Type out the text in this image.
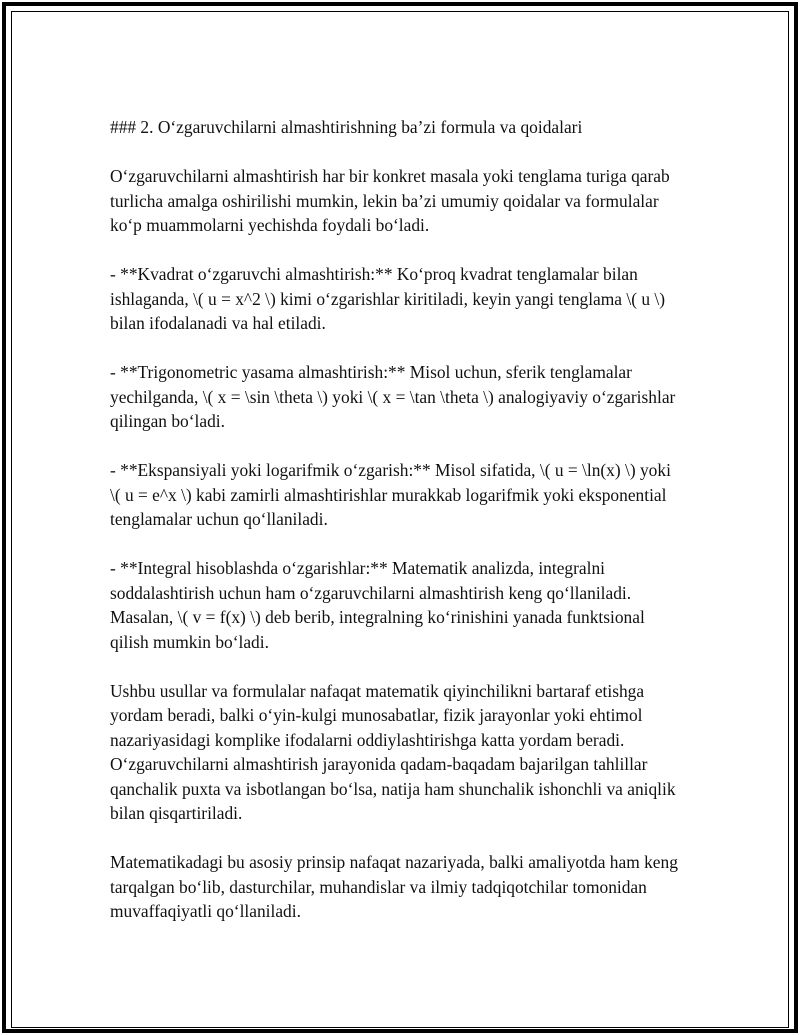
### 2. O‘zgaruvchilarni almashtirishning ba’zi formula va qoidalari

O‘zgaruvchilarni almashtirish har bir konkret masala yoki tenglama turiga qarab turlicha amalga oshirilishi mumkin, lekin ba’zi umumiy qoidalar va formulalar ko‘p muammolarni yechishda foydali bo‘ladi.

- **Kvadrat o‘zgaruvchi almashtirish:** Ko‘proq kvadrat tenglamalar bilan ishlaganda, \( u = x^2 \) kimi o‘zgarishlar kiritiladi, keyin yangi tenglama \( u \) bilan ifodalanadi va hal etiladi.

- **Trigonometric yasama almashtirish:** Misol uchun, sferik tenglamalar yechilganda, \( x = \sin \theta \) yoki \( x = \tan \theta \) analogiyaviy o‘zgarishlar qilingan bo‘ladi.

- **Ekspansiyali yoki logarifmik o‘zgarish:** Misol sifatida, \( u = \ln(x) \) yoki \( u = e^x \) kabi zamirli almashtirishlar murakkab logarifmik yoki eksponential tenglamalar uchun qo‘llaniladi.

- **Integral hisoblashda o‘zgarishlar:** Matematik analizda, integralni soddalashtirish uchun ham o‘zgaruvchilarni almashtirish keng qo‘llaniladi. Masalan, \( v = f(x) \) deb berib, integralning ko‘rinishini yanada funktsional qilish mumkin bo‘ladi.

Ushbu usullar va formulalar nafaqat matematik qiyinchilikni bartaraf etishga yordam beradi, balki o‘yin-kulgi munosabatlar, fizik jarayonlar yoki ehtimol nazariyasidagi komplike ifodalarni oddiylashtirishga katta yordam beradi. O‘zgaruvchilarni almashtirish jarayonida qadam-baqadam bajarilgan tahlillar qanchalik puxta va isbotlangan bo‘lsa, natija ham shunchalik ishonchli va aniqlik bilan qisqartiriladi.

Matematikadagi bu asosiy prinsip nafaqat nazariyada, balki amaliyotda ham keng tarqalgan bo‘lib, dasturchilar, muhandislar va ilmiy tadqiqotchilar tomonidan muvaffaqiyatli qo‘llaniladi.
